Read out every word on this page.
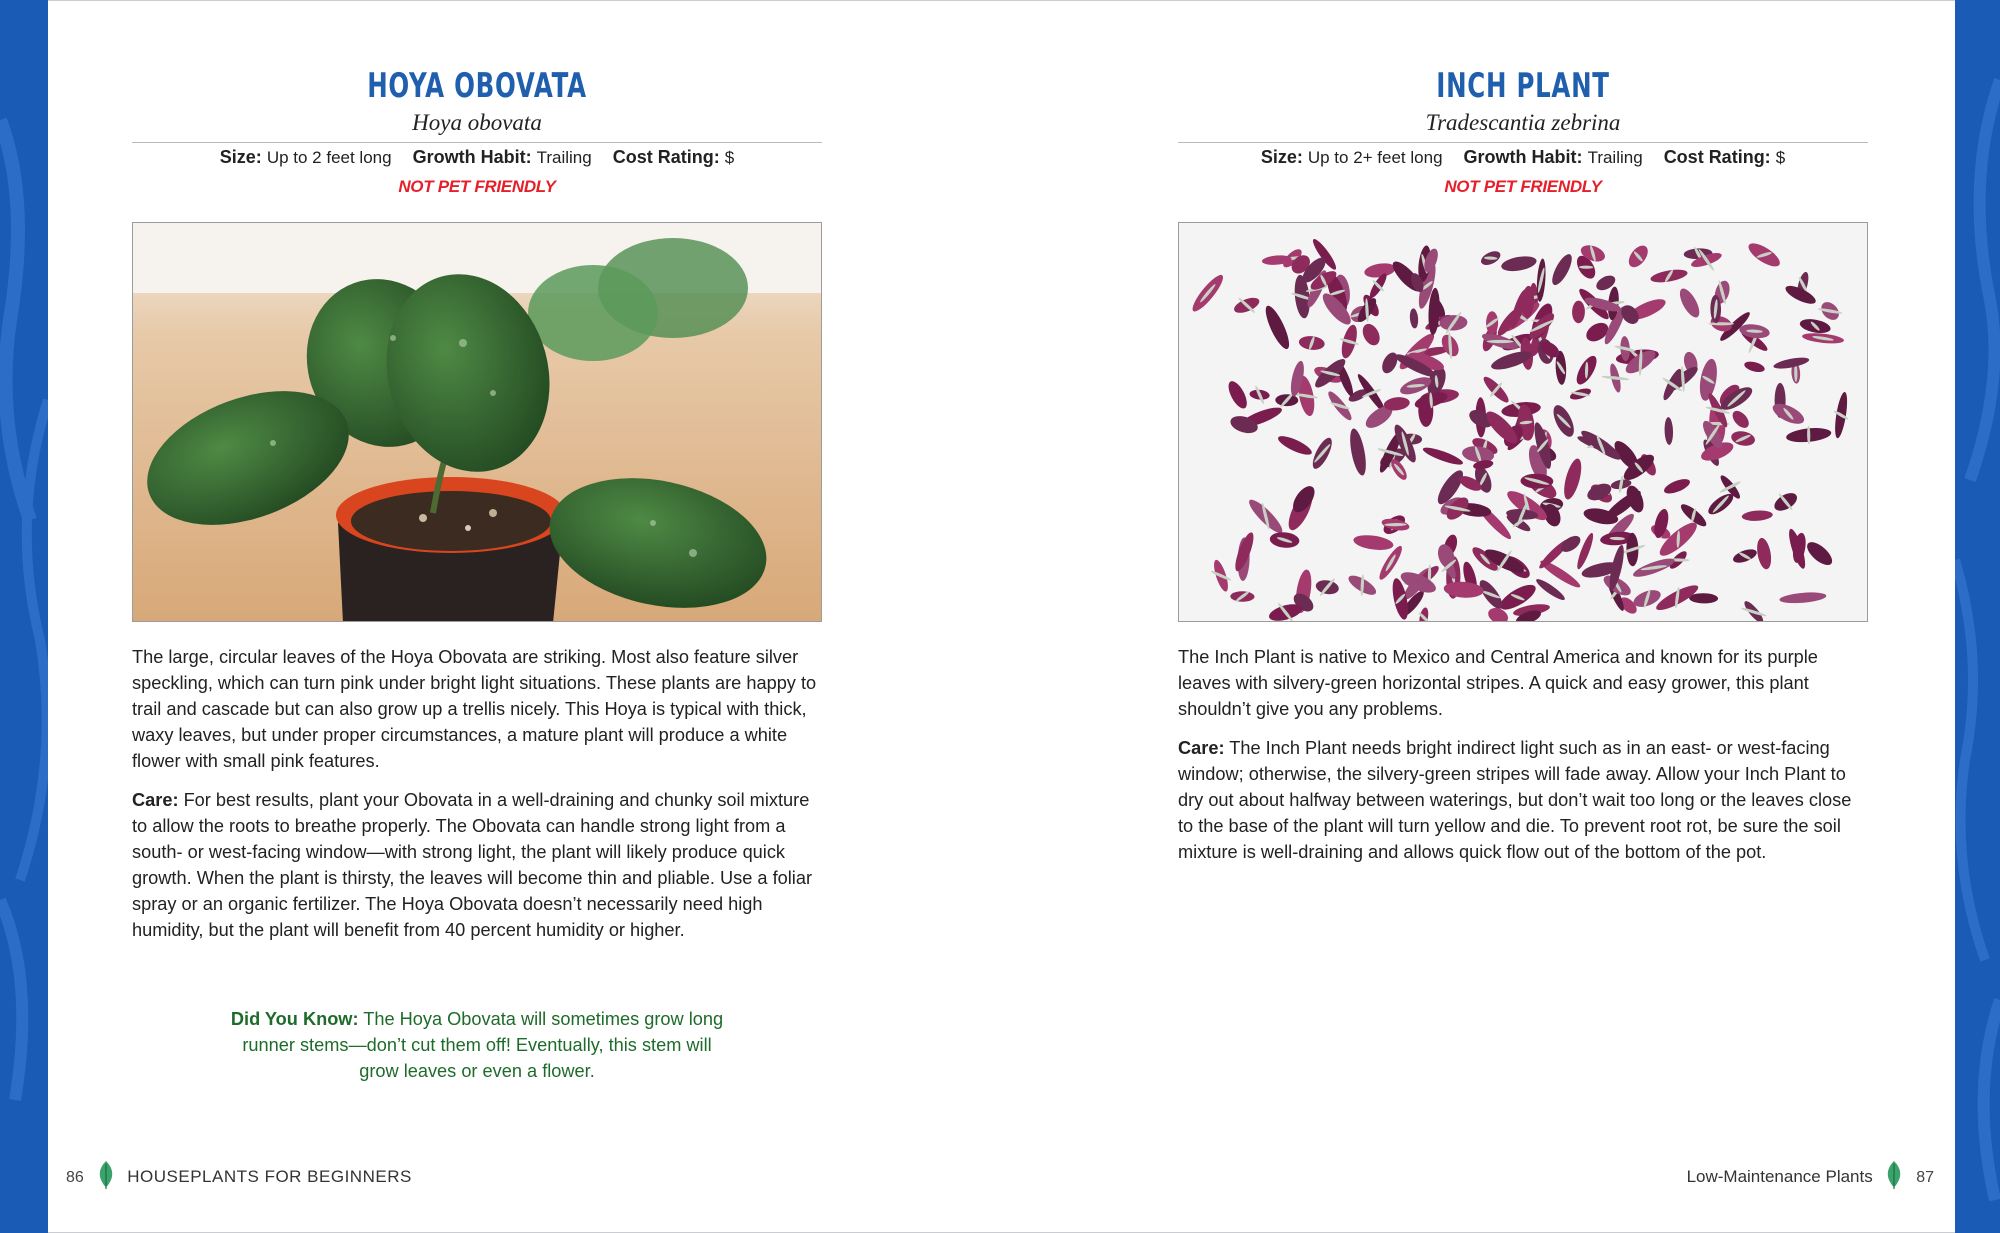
HOYA OBOVATA
Hoya obovata
Size: Up to 2 feet long Growth Habit: Trailing Cost Rating: $
NOT PET FRIENDLY

The large, circular leaves of the Hoya Obovata are striking. Most also feature silver speckling, which can turn pink under bright light situations. These plants are happy to trail and cascade but can also grow up a trellis nicely. This Hoya is typical with thick, waxy leaves, but under proper circumstances, a mature plant will produce a white flower with small pink features.

Care: For best results, plant your Obovata in a well-draining and chunky soil mixture to allow the roots to breathe properly. The Obovata can handle strong light from a south- or west-facing window—with strong light, the plant will likely produce quick growth. When the plant is thirsty, the leaves will become thin and pliable. Use a foliar spray or an organic fertilizer. The Hoya Obovata doesn’t necessarily need high humidity, but the plant will benefit from 40 percent humidity or higher.

Did You Know: The Hoya Obovata will sometimes grow long runner stems—don’t cut them off! Eventually, this stem will grow leaves or even a flower.
INCH PLANT
Tradescantia zebrina
Size: Up to 2+ feet long Growth Habit: Trailing Cost Rating: $
NOT PET FRIENDLY

The Inch Plant is native to Mexico and Central America and known for its purple leaves with silvery-green horizontal stripes. A quick and easy grower, this plant shouldn’t give you any problems.

Care: The Inch Plant needs bright indirect light such as in an east- or west-facing window; otherwise, the silvery-green stripes will fade away. Allow your Inch Plant to dry out about halfway between waterings, but don’t wait too long or the leaves close to the base of the plant will turn yellow and die. To prevent root rot, be sure the soil mixture is well-draining and allows quick flow out of the bottom of the pot.

86	HOUSEPLANTS FOR BEGINNERS	Low-Maintenance Plants	87
